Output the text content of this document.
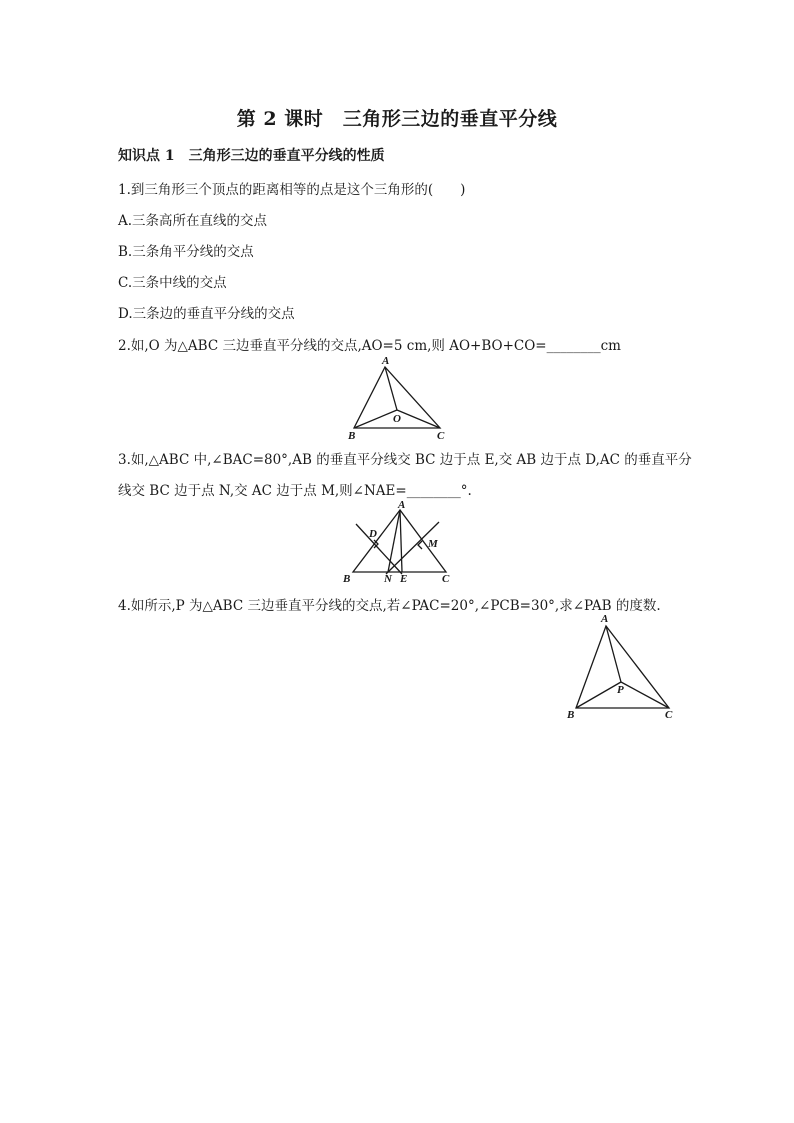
第 2 课时　三角形三边的垂直平分线
知识点 1　三角形三边的垂直平分线的性质
1.到三角形三个顶点的距离相等的点是这个三角形的(　　)
A.三条高所在直线的交点
B.三条角平分线的交点
C.三条中线的交点
D.三条边的垂直平分线的交点
2.如,O 为△ABC 三边垂直平分线的交点,AO=5 cm,则 AO+BO+CO=________cm
A
B	C
O
3.如,△ABC 中,∠BAC=80°,AB 的垂直平分线交 BC 边于点 E,交 AB 边于点 D,AC 的垂直平分
线交 BC 边于点 N,交 AC 边于点 M,则∠NAE=________°.
A
B	C
D
M
N E
4.如所示,P 为△ABC 三边垂直平分线的交点,若∠PAC=20°,∠PCB=30°,求∠PAB 的度数.
A
B	C
P
